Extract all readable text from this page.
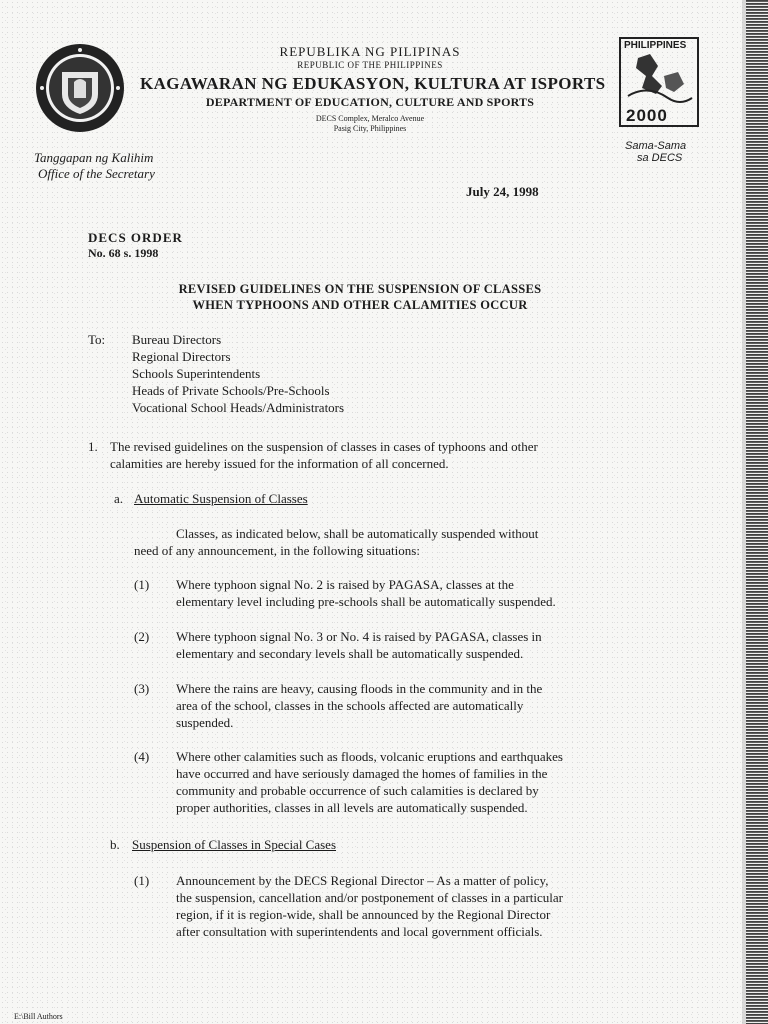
PHILIPPINES
2000
Sama-Sama
sa DECS
REPUBLIKA NG PILIPINAS
REPUBLIC OF THE PHILIPPINES
KAGAWARAN NG EDUKASYON, KULTURA AT ISPORTS
DEPARTMENT OF EDUCATION, CULTURE AND SPORTS
DECS Complex, Meralco Avenue
Pasig City, Philippines
Tanggapan ng Kalihim
Office of the Secretary
July 24, 1998
DECS ORDER
No. 68 s. 1998
REVISED GUIDELINES ON THE SUSPENSION OF CLASSES
WHEN TYPHOONS AND OTHER CALAMITIES OCCUR
To: Bureau Directors
Regional Directors
Schools Superintendents
Heads of Private Schools/Pre-Schools
Vocational School Heads/Administrators
1. The revised guidelines on the suspension of classes in cases of typhoons and other
calamities are hereby issued for the information of all concerned.
a. Automatic Suspension of Classes
Classes, as indicated below, shall be automatically suspended without
need of any announcement, in the following situations:
(1) Where typhoon signal No. 2 is raised by PAGASA, classes at the
elementary level including pre-schools shall be automatically suspended.
(2) Where typhoon signal No. 3 or No. 4 is raised by PAGASA, classes in
elementary and secondary levels shall be automatically suspended.
(3) Where the rains are heavy, causing floods in the community and in the
area of the school, classes in the schools affected are automatically
suspended.
(4) Where other calamities such as floods, volcanic eruptions and earthquakes
have occurred and have seriously damaged the homes of families in the
community and probable occurrence of such calamities is declared by
proper authorities, classes in all levels are automatically suspended.
b. Suspension of Classes in Special Cases
(1) Announcement by the DECS Regional Director – As a matter of policy,
the suspension, cancellation and/or postponement of classes in a particular
region, if it is region-wide, shall be announced by the Regional Director
after consultation with superintendents and local government officials.
E:\Bill Authors
